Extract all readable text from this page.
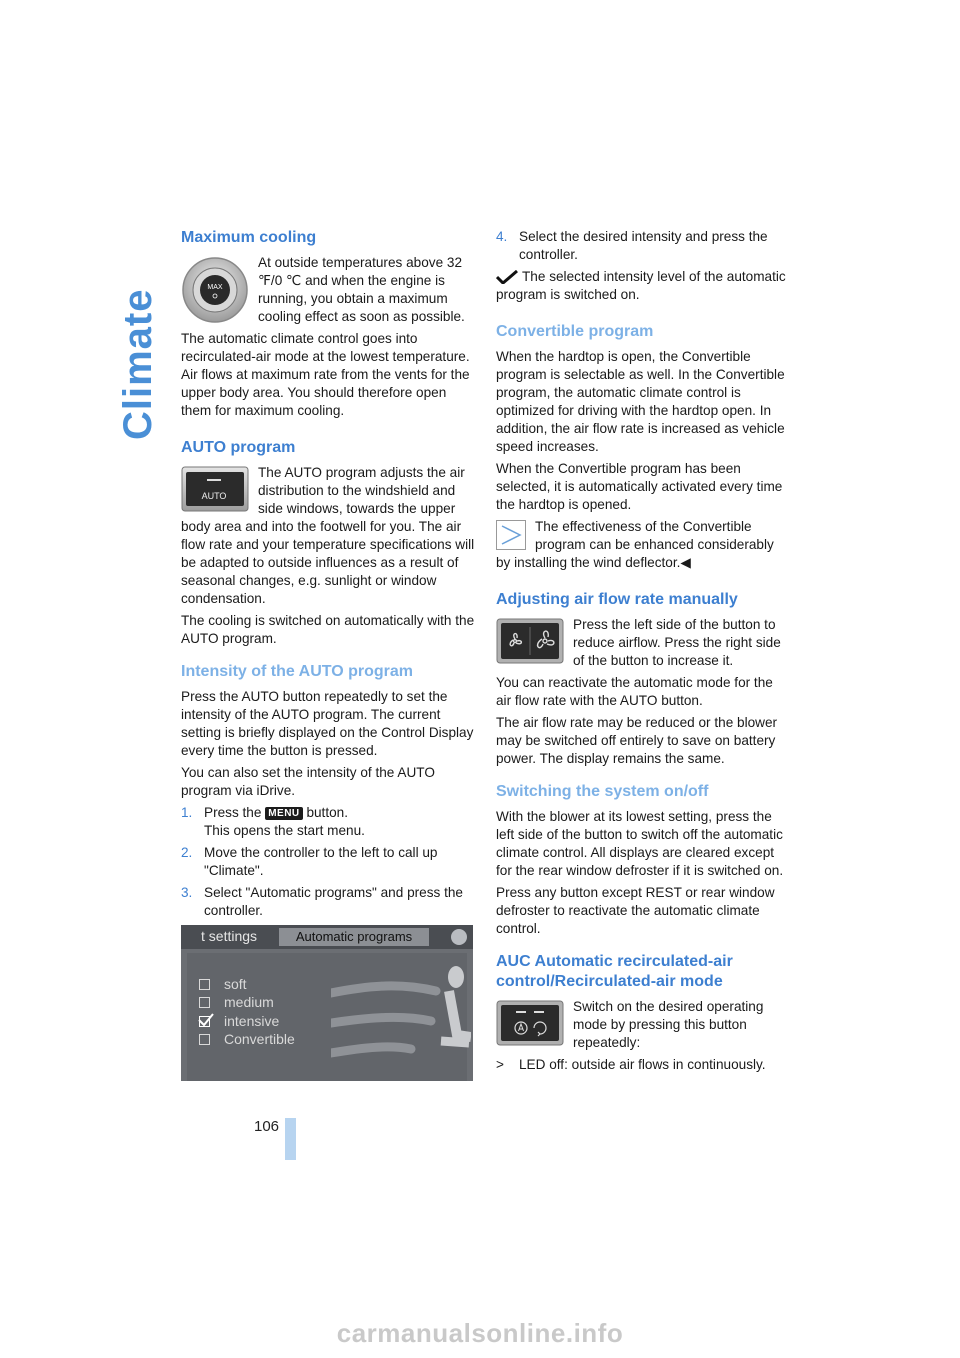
Climate
Maximum cooling
MAX

At outside temperatures above 32 ℉/0 ℃ and when the engine is running, you obtain a maximum cooling effect as soon as possible.

The automatic climate control goes into recirculated-air mode at the lowest temperature. Air flows at maximum rate from the vents for the upper body area. You should therefore open them for maximum cooling.

AUTO program
AUTO

The AUTO program adjusts the air distribution to the windshield and side windows, towards the upper body area and into the footwell for you. The air flow rate and your temperature specifications will be adapted to outside influences as a result of seasonal changes, e.g. sunlight or window condensation.

The cooling is switched on automatically with the AUTO program.

Intensity of the AUTO program

Press the AUTO button repeatedly to set the intensity of the AUTO program. The current setting is briefly displayed on the Control Display every time the button is pressed.

You can also set the intensity of the AUTO program via iDrive.

1. Press the MENU button.
This opens the start menu.
2. Move the controller to the left to call up "Climate".
3. Select "Automatic programs" and press the controller.
t settings	Automatic programs
soft
medium
intensive
Convertible
4. Select the desired intensity and press the controller.

The selected intensity level of the automatic program is switched on.

Convertible program

When the hardtop is open, the Convertible program is selectable as well. In the Convertible program, the automatic climate control is optimized for driving with the hardtop open. In addition, the air flow rate is increased as vehicle speed increases.

When the Convertible program has been selected, it is automatically activated every time the hardtop is opened.

The effectiveness of the Convertible program can be enhanced considerably by installing the wind deflector.◀

Adjusting air flow rate manually

Press the left side of the button to reduce airflow. Press the right side of the button to increase it.

You can reactivate the automatic mode for the air flow rate with the AUTO button.

The air flow rate may be reduced or the blower may be switched off entirely to save on battery power. The display remains the same.

Switching the system on/off

With the blower at its lowest setting, press the left side of the button to switch off the automatic climate control. All displays are cleared except for the rear window defroster if it is switched on.

Press any button except REST or rear window defroster to reactivate the automatic climate control.

AUC Automatic recirculated-air control/Recirculated-air mode

Switch on the desired operating mode by pressing this button repeatedly:

>	LED off: outside air flows in continuously.
106
carmanualsonline.info
